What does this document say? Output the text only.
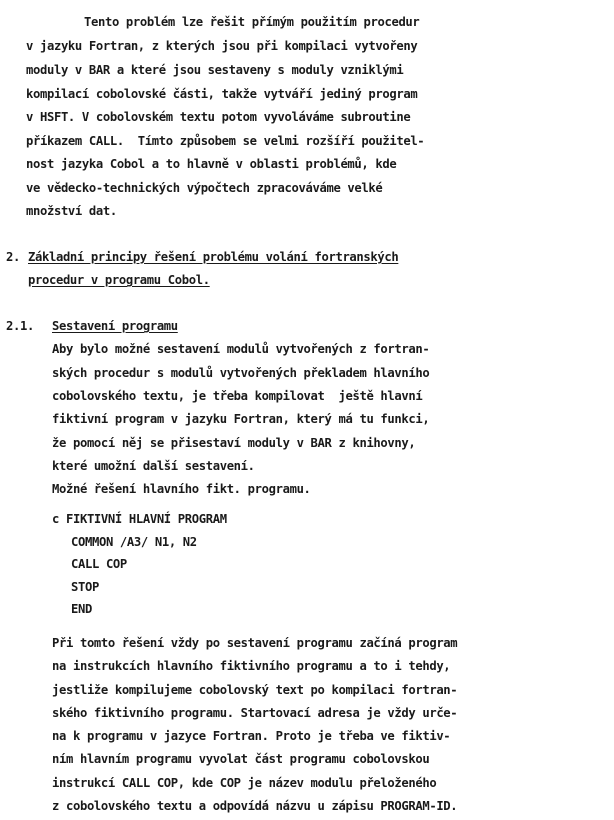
Tento problém lze řešit přímým použitím procedur
v jazyku Fortran, z kterých jsou při kompilaci vytvořeny
moduly v BAR a které jsou sestaveny s moduly vzniklými
kompilací cobolovské části, takže vytváří jediný program
v HSFT. V cobolovském textu potom vyvoláváme subroutine
příkazem CALL.  Tímto způsobem se velmi rozšíří použitel-
nost jazyka Cobol a to hlavně v oblasti problémů, kde
ve vědecko-technických výpočtech zpracováváme velké
množství dat.
2. Základní principy řešení problému volání fortranských
procedur v programu Cobol.
2.1. Sestavení programu
Aby bylo možné sestavení modulů vytvořených z fortran-
ských procedur s modulů vytvořených překladem hlavního
cobolovského textu, je třeba kompilovat  ještě hlavní
fiktivní program v jazyku Fortran, který má tu funkci,
že pomocí něj se přisestaví moduly v BAR z knihovny,
které umožní další sestavení.
Možné řešení hlavního fikt. programu.
c FIKTIVNÍ HLAVNÍ PROGRAM
COMMON /A3/ N1, N2
CALL COP
STOP
END
Při tomto řešení vždy po sestavení programu začíná program
na instrukcích hlavního fiktivního programu a to i tehdy,
jestliže kompilujeme cobolovský text po kompilaci fortran-
ského fiktivního programu. Startovací adresa je vždy urče-
na k programu v jazyce Fortran. Proto je třeba ve fiktiv-
ním hlavním programu vyvolat část programu cobolovskou
instrukcí CALL COP, kde COP je název modulu přeloženého
z cobolovského textu a odpovídá názvu u zápisu PROGRAM-ID.
